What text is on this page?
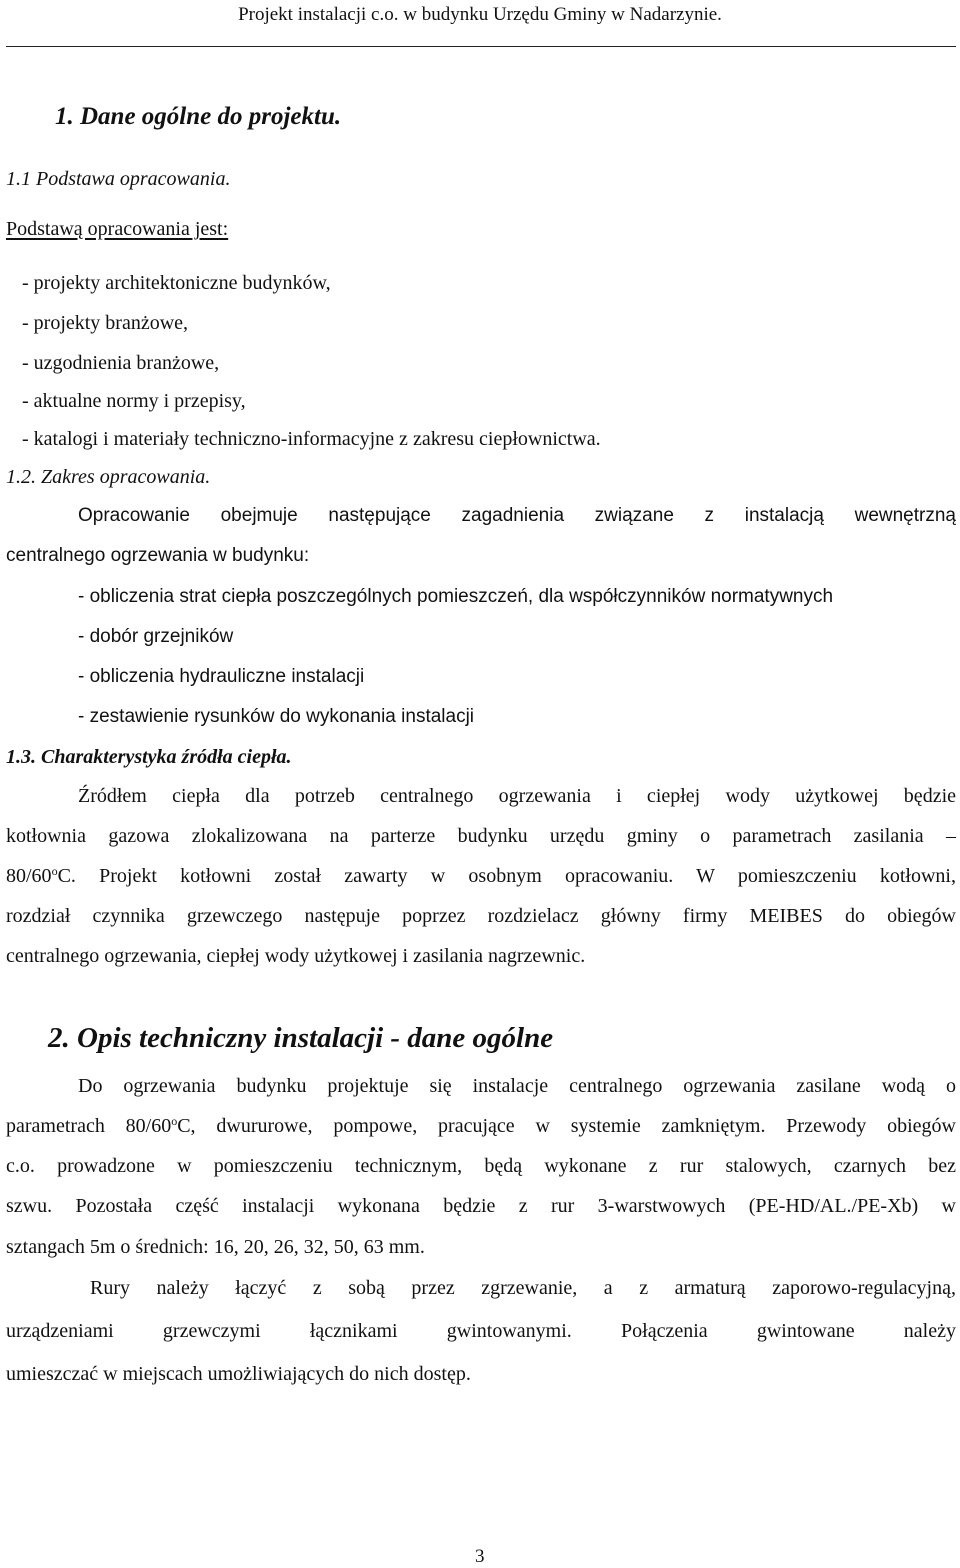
Projekt instalacji c.o. w budynku Urzędu Gminy w Nadarzynie.
1. Dane ogólne do projektu.
1.1 Podstawa opracowania.
Podstawą opracowania jest:
- projekty architektoniczne budynków,
- projekty branżowe,
- uzgodnienia branżowe,
- aktualne normy i przepisy,
- katalogi i materiały techniczno-informacyjne z zakresu ciepłownictwa.
1.2. Zakres opracowania.
Opracowanie obejmuje następujące zagadnienia związane z instalacją wewnętrzną
centralnego ogrzewania w budynku:
- obliczenia strat ciepła poszczególnych pomieszczeń, dla współczynników normatywnych
- dobór grzejników
- obliczenia hydrauliczne instalacji
- zestawienie rysunków do wykonania instalacji
1.3. Charakterystyka źródła ciepła.
Źródłem ciepła dla potrzeb centralnego ogrzewania i ciepłej wody użytkowej będzie
kotłownia gazowa zlokalizowana na parterze budynku urzędu gminy o parametrach zasilania –
80/60$^o$C. Projekt kotłowni został zawarty w osobnym opracowaniu. W pomieszczeniu kotłowni,
rozdział czynnika grzewczego następuje poprzez rozdzielacz główny firmy MEIBES do obiegów
centralnego ogrzewania, ciepłej wody użytkowej i zasilania nagrzewnic.
2. Opis techniczny instalacji - dane ogólne
Do ogrzewania budynku projektuje się instalacje centralnego ogrzewania zasilane wodą o
parametrach 80/60$^o$C, dwururowe, pompowe, pracujące w systemie zamkniętym. Przewody obiegów
c.o. prowadzone w pomieszczeniu technicznym, będą wykonane z rur stalowych, czarnych bez
szwu. Pozostała część instalacji wykonana będzie z rur 3-warstwowych (PE-HD/AL./PE-Xb) w
sztangach 5m o średnich: 16, 20, 26, 32, 50, 63 mm.
Rury należy łączyć z sobą przez zgrzewanie, a z armaturą zaporowo-regulacyjną,
urządzeniami grzewczymi łącznikami gwintowanymi. Połączenia gwintowane należy
umieszczać w miejscach umożliwiających do nich dostęp.
3
